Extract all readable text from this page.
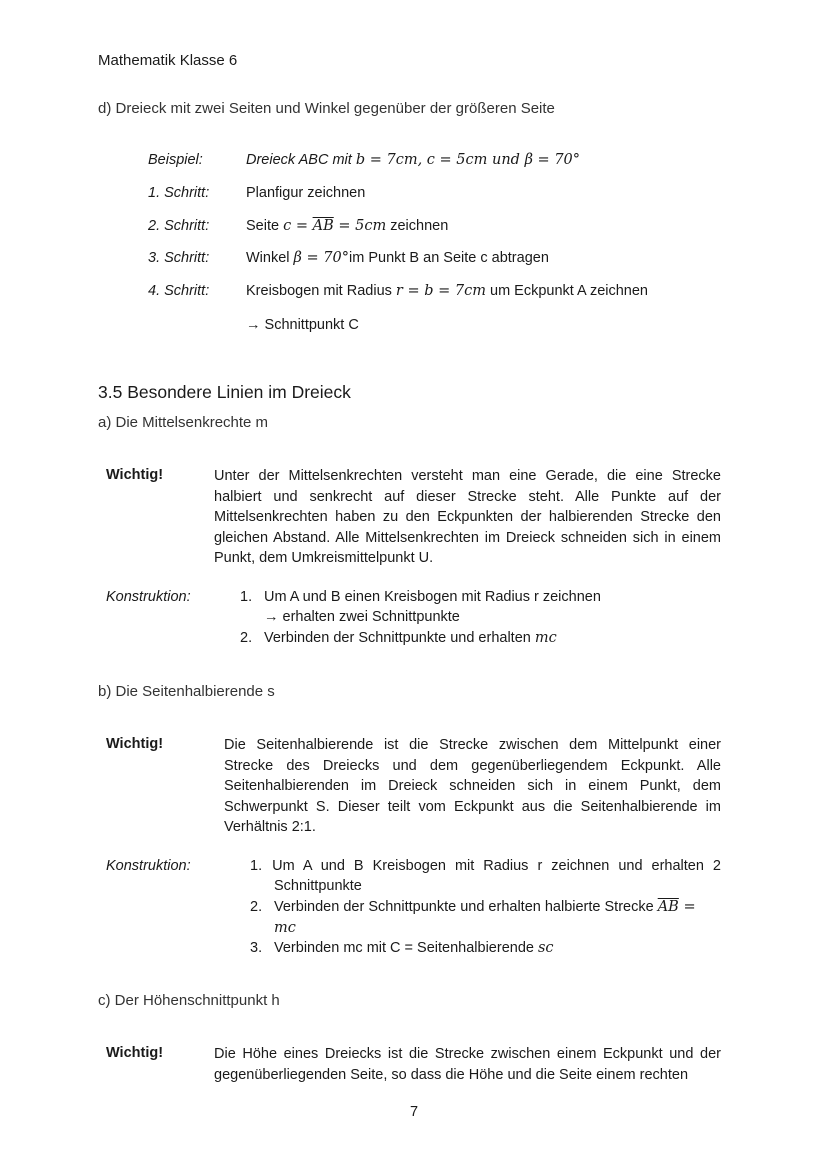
Mathematik Klasse 6
d) Dreieck mit zwei Seiten und Winkel gegenüber der größeren Seite
Beispiel:	Dreieck ABC mit b = 7cm, c = 5cm und β = 70°
1. Schritt:	Planfigur zeichnen
2. Schritt:	Seite $c = \overline{AB} = 5cm$ zeichnen
3. Schritt:	Winkel β = 70°im Punkt B an Seite c abtragen
4. Schritt:	Kreisbogen mit Radius r = b = 7cm um Eckpunkt A zeichnen
→ Schnittpunkt C
3.5 Besondere Linien im Dreieck
a) Die Mittelsenkrechte m
Wichtig!	Unter der Mittelsenkrechten versteht man eine Gerade, die eine Strecke halbiert und senkrecht auf dieser Strecke steht. Alle Punkte auf der Mittelsenkrechten haben zu den Eckpunkten der halbierenden Strecke den gleichen Abstand. Alle Mittelsenkrechten im Dreieck schneiden sich in einem Punkt, dem Umkreismittelpunkt U.
Konstruktion:	1. Um A und B einen Kreisbogen mit Radius r zeichnen
→ erhalten zwei Schnittpunkte
2. Verbinden der Schnittpunkte und erhalten mc
b) Die Seitenhalbierende s
Wichtig!	Die Seitenhalbierende ist die Strecke zwischen dem Mittelpunkt einer Strecke des Dreiecks und dem gegenüberliegendem Eckpunkt. Alle Seitenhalbierenden im Dreieck schneiden sich in einem Punkt, dem Schwerpunkt S. Dieser teilt vom Eckpunkt aus die Seitenhalbierende im Verhältnis 2:1.
Konstruktion:	1. Um A und B Kreisbogen mit Radius r zeichnen und erhalten 2
Schnittpunkte
2. Verbinden der Schnittpunkte und erhalten halbierte Strecke $\overline{AB}$ =
mc
3. Verbinden mc mit C = Seitenhalbierende sc
c) Der Höhenschnittpunkt h
Wichtig!	Die Höhe eines Dreiecks ist die Strecke zwischen einem Eckpunkt und der gegenüberliegenden Seite, so dass die Höhe und die Seite einem rechten
7
